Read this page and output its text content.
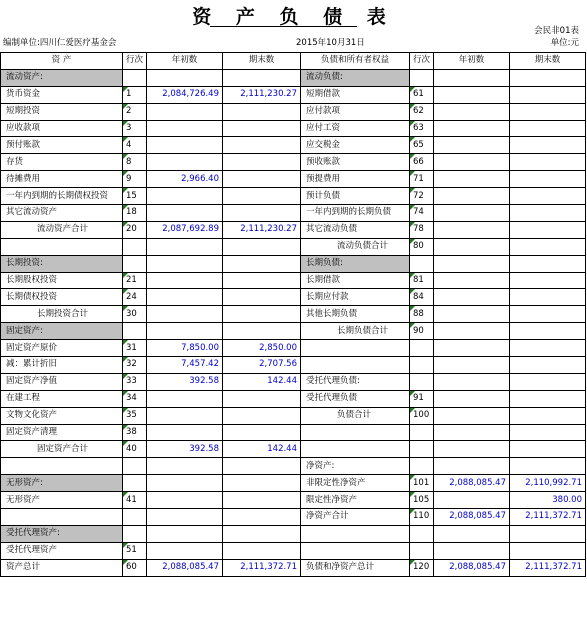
资 产 负 债 表
会民非01表
编制单位:四川仁爱医疗基金会	2015年10月31日	单位:元
资 产	行次	年初数	期末数	负债和所有者权益	行次	年初数	期末数
流动资产:				流动负债:			
货币资金	1	2,084,726.49	2,111,230.27	短期借款	61		
短期投资	2			应付款项	62		
应收款项	3			应付工资	63		
预付账款	4			应交税金	65		
存货	8			预收账款	66		
待摊费用	9	2,966.40		预提费用	71		
一年内到期的长期债权投资	15			预计负债	72		
其它流动资产	18			一年内到期的长期负债	74		
流动资产合计	20	2,087,692.89	2,111,230.27	其它流动负债	78		
				流动负债合计	80		
长期投资:				长期负债:			
长期股权投资	21			长期借款	81		
长期债权投资	24			长期应付款	84		
长期投资合计	30			其他长期负债	88		
固定资产:				长期负债合计	90		
固定资产原价	31	7,850.00	2,850.00				
减：累计折旧	32	7,457.42	2,707.56				
固定资产净值	33	392.58	142.44	受托代理负债:			
在建工程	34			受托代理负债	91		
文物文化资产	35			负债合计	100		
固定资产清理	38						
固定资产合计	40	392.58	142.44				
				净资产:			
无形资产:				非限定性净资产	101	2,088,085.47	2,110,992.71
无形资产	41			限定性净资产	105		380.00
				净资产合计	110	2,088,085.47	2,111,372.71
受托代理资产:							
受托代理资产	51						
资产总计	60	2,088,085.47	2,111,372.71	负债和净资产总计	120	2,088,085.47	2,111,372.71
